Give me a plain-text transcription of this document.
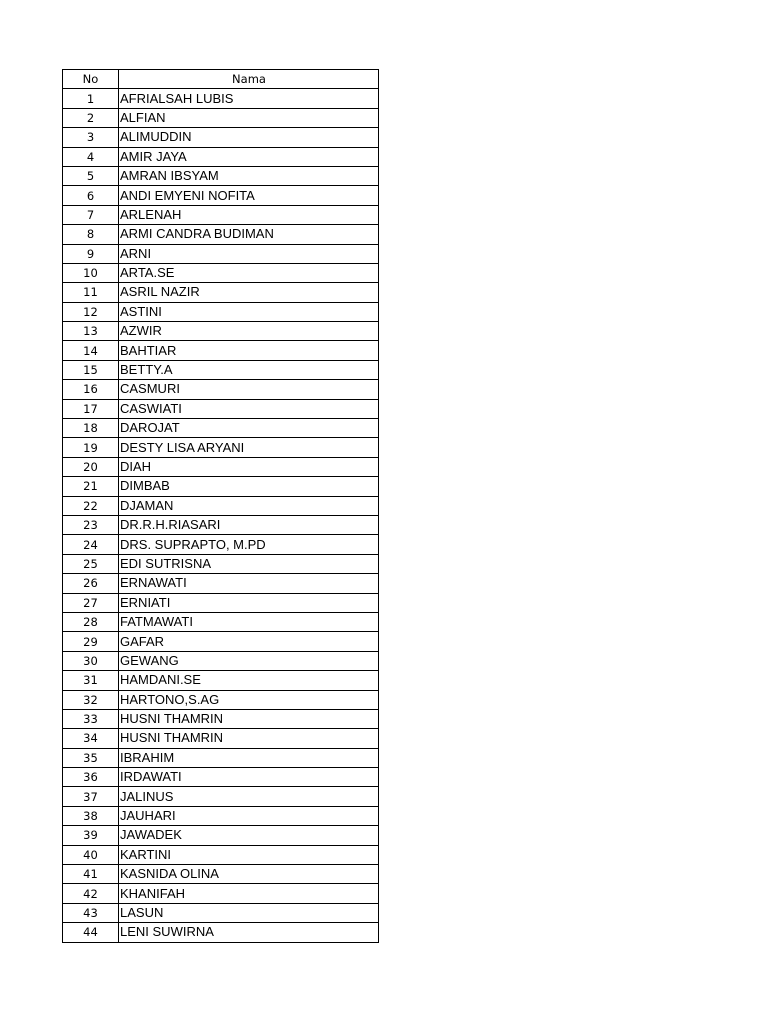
No	Nama
1	AFRIALSAH LUBIS
2	ALFIAN
3	ALIMUDDIN
4	AMIR JAYA
5	AMRAN IBSYAM
6	ANDI EMYENI NOFITA
7	ARLENAH
8	ARMI CANDRA BUDIMAN
9	ARNI
10	ARTA.SE
11	ASRIL NAZIR
12	ASTINI
13	AZWIR
14	BAHTIAR
15	BETTY.A
16	CASMURI
17	CASWIATI
18	DAROJAT
19	DESTY LISA ARYANI
20	DIAH
21	DIMBAB
22	DJAMAN
23	DR.R.H.RIASARI
24	DRS. SUPRAPTO, M.PD
25	EDI SUTRISNA
26	ERNAWATI
27	ERNIATI
28	FATMAWATI
29	GAFAR
30	GEWANG
31	HAMDANI.SE
32	HARTONO,S.AG
33	HUSNI THAMRIN
34	HUSNI THAMRIN
35	IBRAHIM
36	IRDAWATI
37	JALINUS
38	JAUHARI
39	JAWADEK
40	KARTINI
41	KASNIDA OLINA
42	KHANIFAH
43	LASUN
44	LENI SUWIRNA
